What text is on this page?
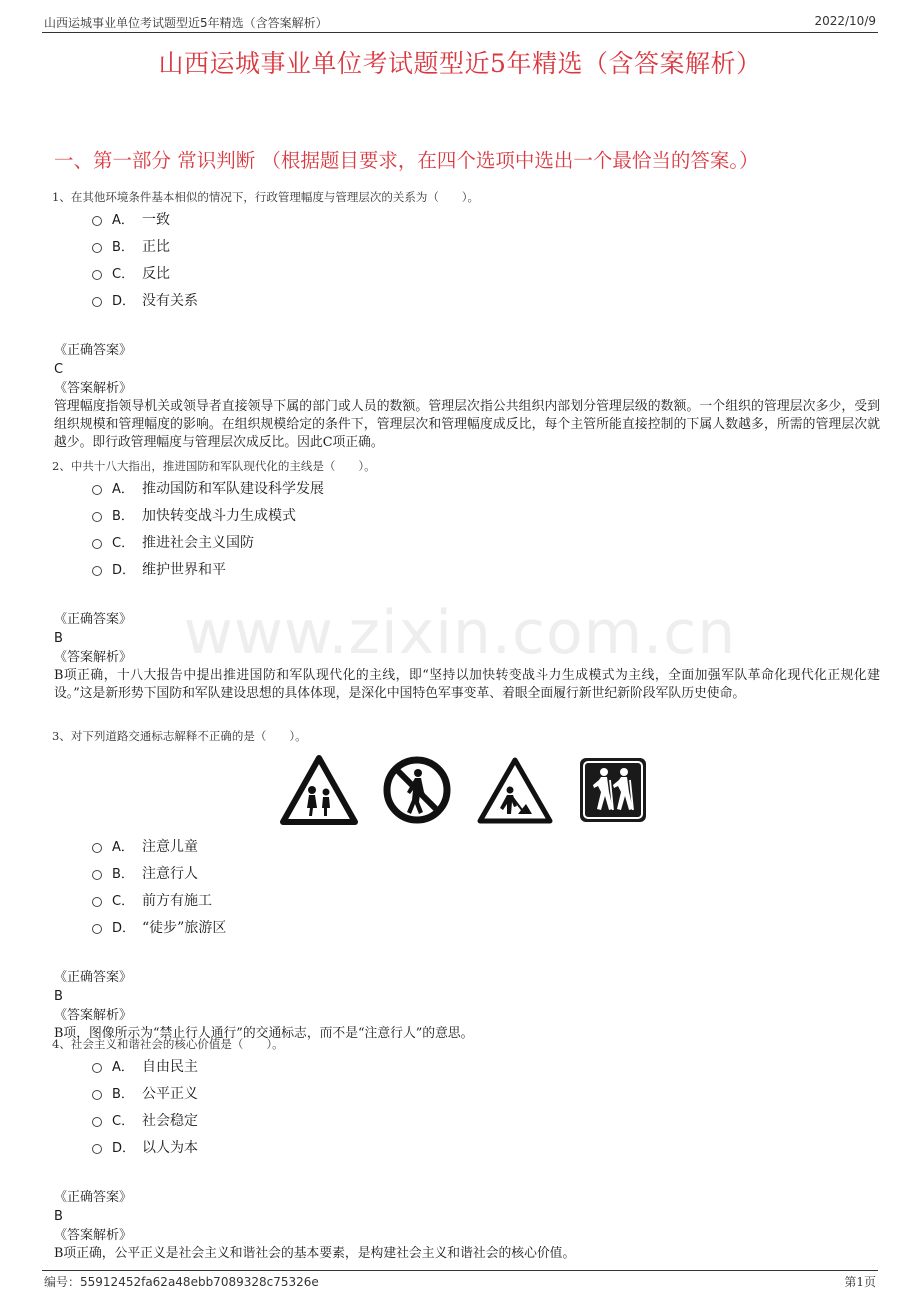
山西运城事业单位考试题型近5年精选（含答案解析）	2022/10/9
山西运城事业单位考试题型近5年精选（含答案解析）
一、第一部分 常识判断 （根据题目要求，在四个选项中选出一个最恰当的答案。）
www.zixin.com.cn
1、在其他环境条件基本相似的情况下，行政管理幅度与管理层次的关系为（　　）。
A． 一致
B． 正比
C． 反比
D． 没有关系
《正确答案》
C
《答案解析》
管理幅度指领导机关或领导者直接领导下属的部门或人员的数额。管理层次指公共组织内部划分管理层级的数额。一个组织的管理层次多少，受到组织规模和管理幅度的影响。在组织规模给定的条件下，管理层次和管理幅度成反比，每个主管所能直接控制的下属人数越多，所需的管理层次就越少。即行政管理幅度与管理层次成反比。因此C项正确。
2、中共十八大指出，推进国防和军队现代化的主线是（　　）。
A． 推动国防和军队建设科学发展
B． 加快转变战斗力生成模式
C． 推进社会主义国防
D． 维护世界和平
《正确答案》
B
《答案解析》
B项正确，十八大报告中提出推进国防和军队现代化的主线，即“坚持以加快转变战斗力生成模式为主线，全面加强军队革命化现代化正规化建设。”这是新形势下国防和军队建设思想的具体体现，是深化中国特色军事变革、着眼全面履行新世纪新阶段军队历史使命。
3、对下列道路交通标志解释不正确的是（　　）。
A． 注意儿童
B． 注意行人
C． 前方有施工
D． “徒步”旅游区
《正确答案》
B
《答案解析》
B项，图像所示为“禁止行人通行”的交通标志，而不是“注意行人”的意思。
4、社会主义和谐社会的核心价值是（　　）。
A． 自由民主
B． 公平正义
C． 社会稳定
D． 以人为本
《正确答案》
B
《答案解析》
B项正确，公平正义是社会主义和谐社会的基本要素，是构建社会主义和谐社会的核心价值。
编号：55912452fa62a48ebb7089328c75326e	第1页
